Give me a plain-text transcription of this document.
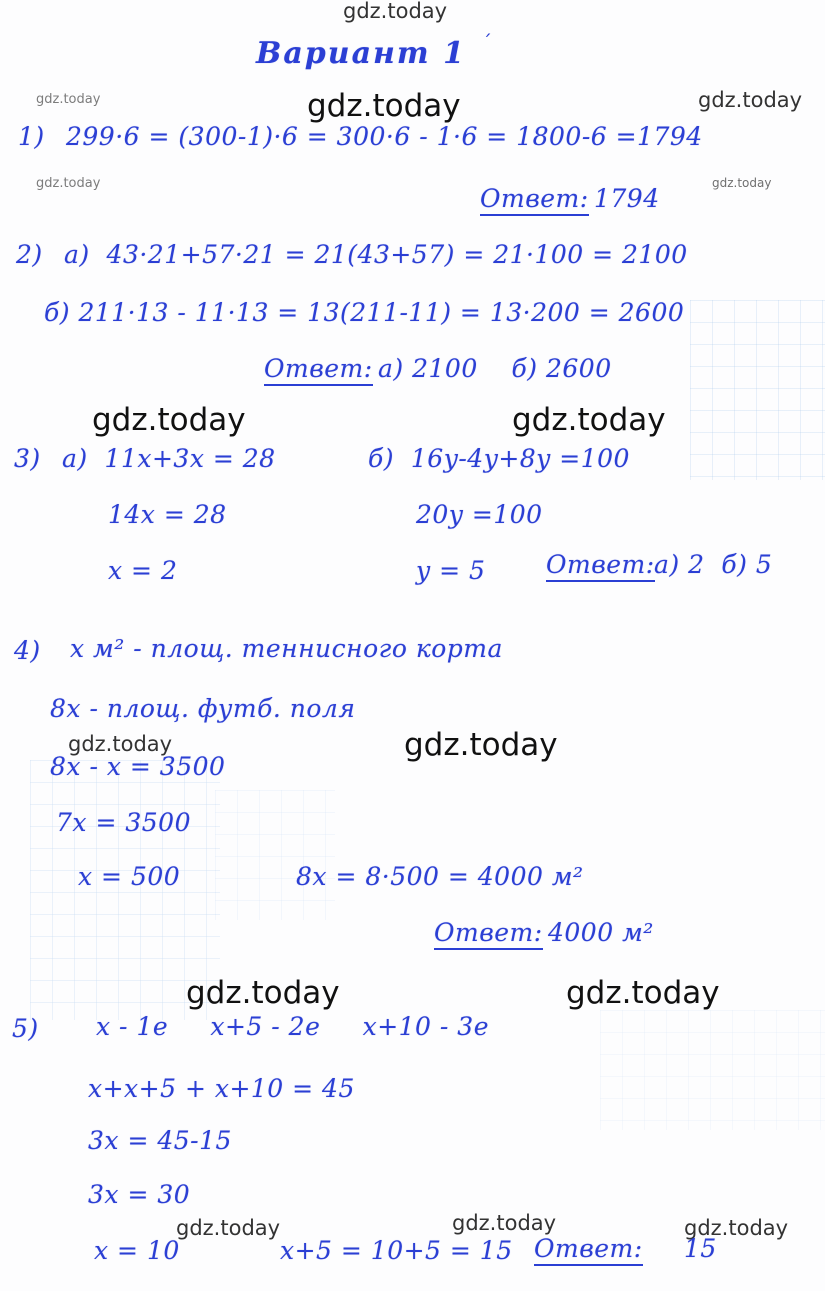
gdz.today
gdz.today	gdz.today	gdz.today
gdz.today	gdz.today
gdz.today	gdz.today
gdz.today	gdz.today
gdz.today	gdz.today
gdz.today	gdz.today	gdz.today
Вариант 1 ´
1) 299·6 = (300-1)·6 = 300·6 - 1·6 = 1800-6 =1794
Ответ: 1794
2) а)  43·21+57·21 = 21(43+57) = 21·100 = 2100
б) 211·13 - 11·13 = 13(211-11) = 13·200 = 2600
Ответ: а) 2100    б) 2600
3) а)  11x+3x = 28
14x = 28
x = 2
б)  16y-4y+8y =100
20y =100
y = 5 Ответ: а) 2  б) 5
4) x м² - площ. теннисного корта
8x - площ. футб. поля
8x - x = 3500
7x = 3500
x = 500	8x = 8·500 = 4000 м²
Ответ: 4000 м²
5) x - 1е     x+5 - 2е     x+10 - 3е
x+x+5 + x+10 = 45
3x = 45-15
3x = 30
x = 10	x+5 = 10+5 = 15 Ответ: 15
